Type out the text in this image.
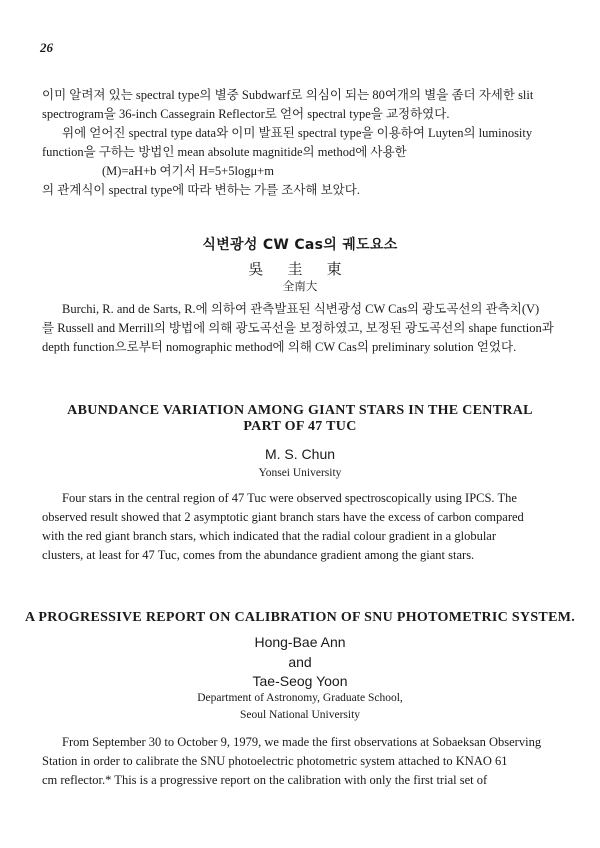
26
이미 알려져 있는 spectral type의 별중 Subdwarf로 의심이 되는 80여개의 별을 좀더 자세한 slit
spectrogram을 36-inch Cassegrain Reflector로 얻어 spectral type을 교정하였다.
위에 얻어진 spectral type data와 이미 발표된 spectral type을 이용하여 Luyten의 luminosity
function을 구하는 방법인 mean absolute magnitide의 method에 사용한
(M)=aH+b 여기서 H=5+5logμ+m
의 관계식이 spectral type에 따라 변하는 가를 조사해 보았다.
식변광성 CW Cas의 궤도요소
吳 圭 東
全南大
Burchi, R. and de Sarts, R.에 의하여 관측발표된 식변광성 CW Cas의 광도곡선의 관측치(V)
를 Russell and Merrill의 방법에 의해 광도곡선을 보정하였고, 보정된 광도곡선의 shape function과
depth function으로부터 nomographic method에 의해 CW Cas의 preliminary solution 얻었다.
ABUNDANCE VARIATION AMONG GIANT STARS IN THE CENTRAL
PART OF 47 TUC
M. S. Chun
Yonsei University
Four stars in the central region of 47 Tuc were observed spectroscopically using IPCS. The
observed result showed that 2 asymptotic giant branch stars have the excess of carbon compared
with the red giant branch stars, which indicated that the radial colour gradient in a globular
clusters, at least for 47 Tuc, comes from the abundance gradient among the giant stars.
A PROGRESSIVE REPORT ON CALIBRATION OF SNU PHOTOMETRIC SYSTEM.
Hong-Bae Ann
and
Tae-Seog Yoon
Department of Astronomy, Graduate School,
Seoul National University
From September 30 to October 9, 1979, we made the first observations at Sobaeksan Observing
Station in order to calibrate the SNU photoelectric photometric system attached to KNAO 61
cm reflector.* This is a progressive report on the calibration with only the first trial set of
